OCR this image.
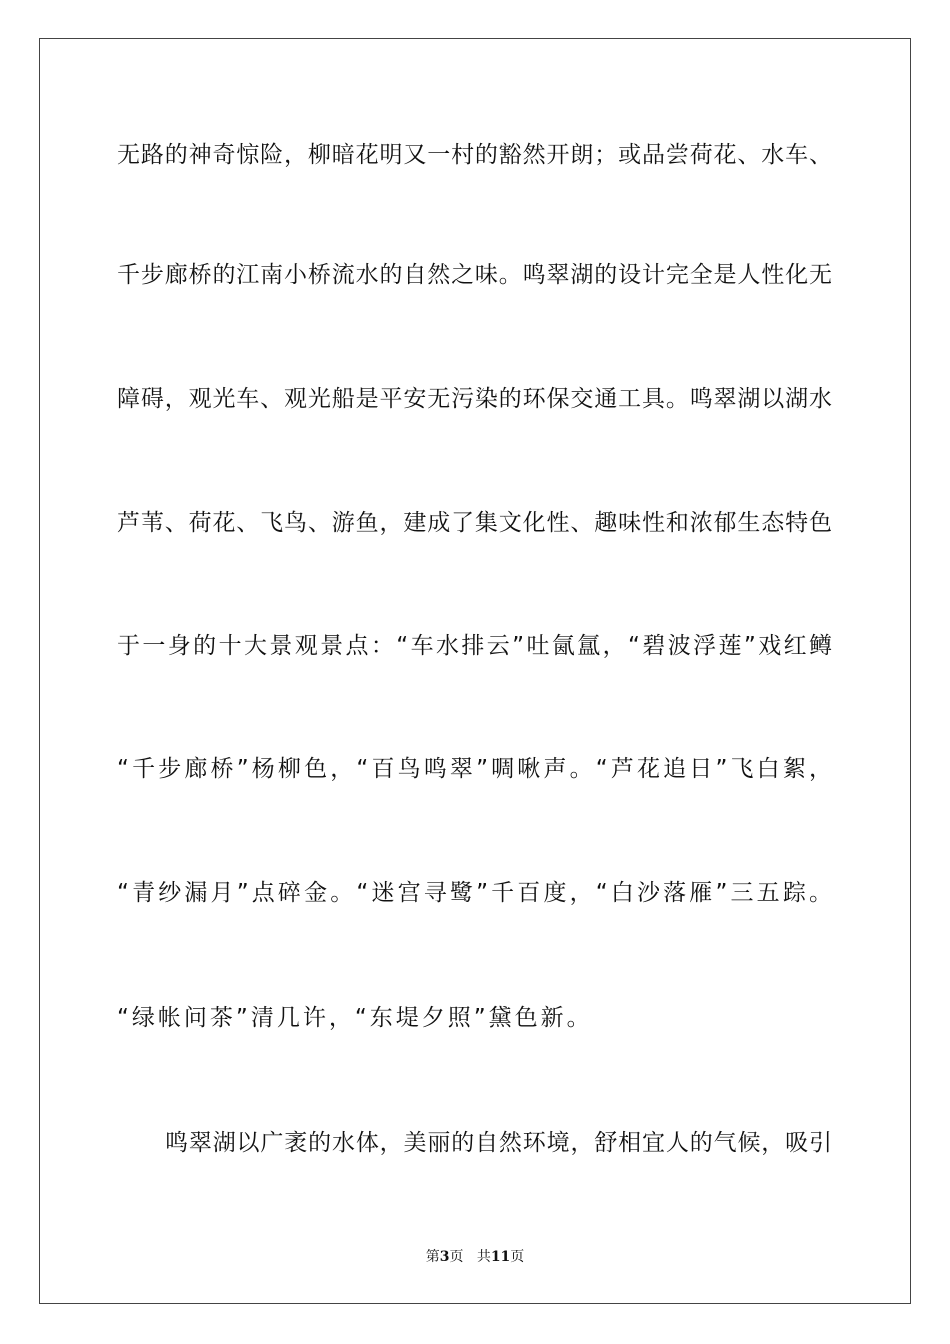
无路的神奇惊险，柳暗花明又一村的豁然开朗；或品尝荷花、水车、
千步廊桥的江南小桥流水的自然之味。鸣翠湖的设计完全是人性化无
障碍，观光车、观光船是平安无污染的环保交通工具。鸣翠湖以湖水
芦苇、荷花、飞鸟、游鱼，建成了集文化性、趣味性和浓郁生态特色
于一身的十大景观景点：“车水排云”吐氤氲，“碧波浮莲”戏红鳟
“千步廊桥”杨柳色，“百鸟鸣翠”啁啾声。“芦花追日”飞白絮，
“青纱漏月”点碎金。“迷宫寻鹭”千百度，“白沙落雁”三五踪。
“绿帐问茶”清几许，“东堤夕照”黛色新。
鸣翠湖以广袤的水体，美丽的自然环境，舒相宜人的气候，吸引
第3页 共11页
